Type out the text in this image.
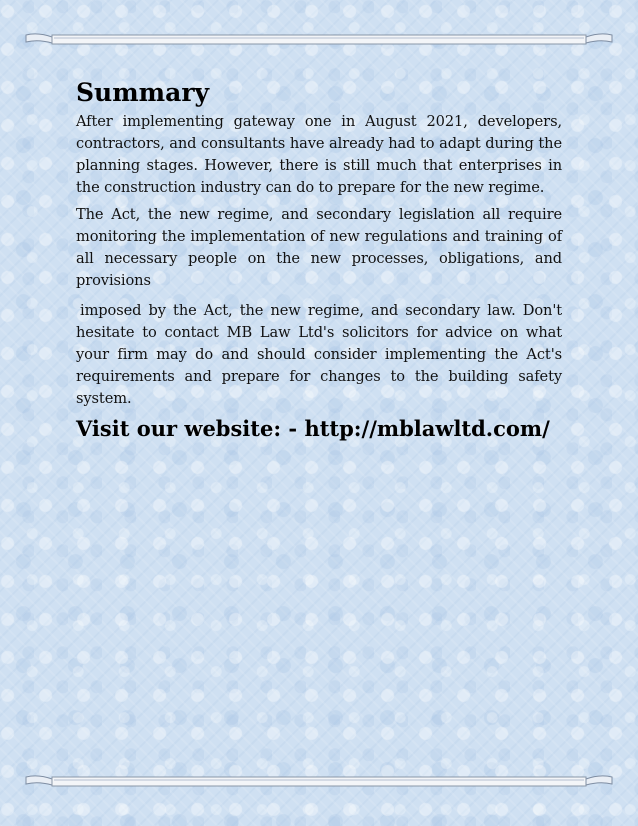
Summary

After implementing gateway one in August 2021, developers, contractors, and consultants have already had to adapt during the planning stages. However, there is still much that enterprises in the construction industry can do to prepare for the new regime.

The Act, the new regime, and secondary legislation all require monitoring the implementation of new regulations and training of all necessary people on the new processes, obligations, and provisions

imposed by the Act, the new regime, and secondary law. Don't hesitate to contact MB Law Ltd's solicitors for advice on what your firm may do and should consider implementing the Act's requirements and prepare for changes to the building safety system.

Visit our website: - http://mblawltd.com/
